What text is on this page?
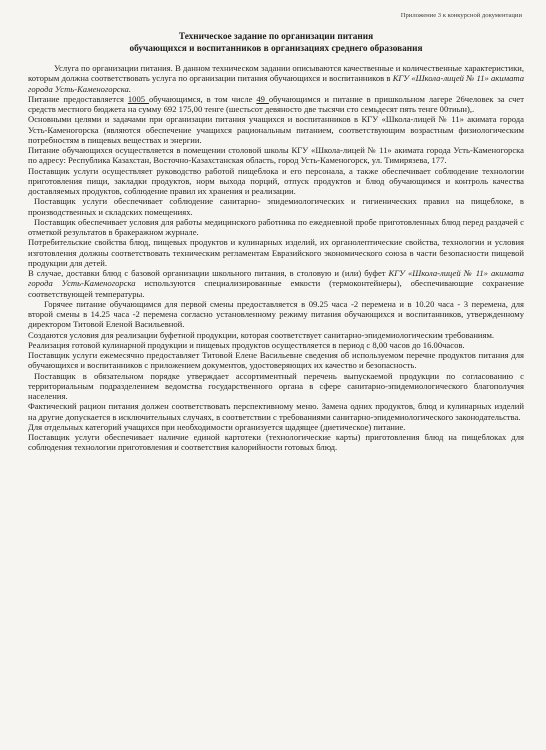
Приложение 3 к конкурсной документации
Техническое задание по организации питания
обучающихся и воспитанников в организациях среднего образования

Услуга по организации питания. В данном техническом задании описываются качественные и количественные характеристики, которым должна соответствовать услуга по организации питания обучающихся и воспитанников в КГУ «Школа-лицей № 11» акимата города Усть-Каменогорска.

Питание предоставляется 1005 обучающимся, в том числе 49 обучающимся и питание в пришкольном лагере 26человек за счет средств местного бюджета на сумму 692 175,00 тенге (шестьсот девяносто две тысячи сто семьдесят пять тенге 00тиын),.

Основными целями и задачами при организации питания учащихся и воспитанников в КГУ «Школа-лицей № 11» акимата города Усть-Каменогорска (являются обеспечение учащихся рациональным питанием, соответствующим возрастным физиологическим потребностям в пищевых веществах и энергии.

Питание обучающихся осуществляется в помещении столовой школы КГУ «Школа-лицей № 11» акимата города Усть-Каменогорска по адресу: Республика Казахстан, Восточно-Казахстанская область, город Усть-Каменогорск, ул. Тимирязева, 177.

Поставщик услуги осуществляет руководство работой пищеблока и его персонала, а также обеспечивает соблюдение технологии приготовления пищи, закладки продуктов, норм выхода порций, отпуск продуктов и блюд обучающимся и контроль качества доставляемых продуктов, соблюдение правил их хранения и реализации.

Поставщик услуги обеспечивает соблюдение санитарно- эпидемиологических и гигиенических правил на пищеблоке, в производственных и складских помещениях.

Поставщик обеспечивает условия для работы медицинского работника по ежедневной пробе приготовленных блюд перед раздачей с отметкой результатов в бракеражном журнале.

Потребительские свойства блюд, пищевых продуктов и кулинарных изделий, их органолептические свойства, технологии и условия изготовления должны соответствовать техническим регламентам Евразийского экономического союза в части безопасности пищевой продукции для детей.

В случае, доставки блюд с базовой организации школьного питания, в столовую и (или) буфет КГУ «Школа-лицей № 11» акимата города Усть-Каменогорска используются специализированные емкости (термоконтейнеры), обеспечивающие сохранение соответствующей температуры.

Горячее питание обучающимся для первой смены предоставляется в 09.25 часа -2 перемена и в 10.20 часа - 3 перемена, для второй смены в 14.25 часа -2 перемена согласно установленному режиму питания обучающихся и воспитанников, утвержденному директором Титовой Еленой Васильевной.

Создаются условия для реализации буфетной продукции, которая соответствует санитарно-эпидемиологическим требованиям.

Реализация готовой кулинарной продукции и пищевых продуктов осуществляется в период с 8,00 часов до 16.00часов.

Поставщик услуги ежемесячно предоставляет Титовой Елене Васильевне сведения об используемом перечне продуктов питания для обучающихся и воспитанников с приложением документов, удостоверяющих их качество и безопасность.

Поставщик в обязательном порядке утверждает ассортиментный перечень выпускаемой продукции по согласованию с территориальным подразделением ведомства государственного органа в сфере санитарно-эпидемиологического благополучия населения.

Фактический рацион питания должен соответствовать перспективному меню. Замена одних продуктов, блюд и кулинарных изделий на другие допускается в исключительных случаях, в соответствии с требованиями санитарно-эпидемиологического законодательства.

Для отдельных категорий учащихся при необходимости организуется щадящее (диетическое) питание.

Поставщик услуги обеспечивает наличие единой картотеки (технологические карты) приготовления блюд на пищеблоках для соблюдения технологии приготовления и соответствия калорийности готовых блюд.
